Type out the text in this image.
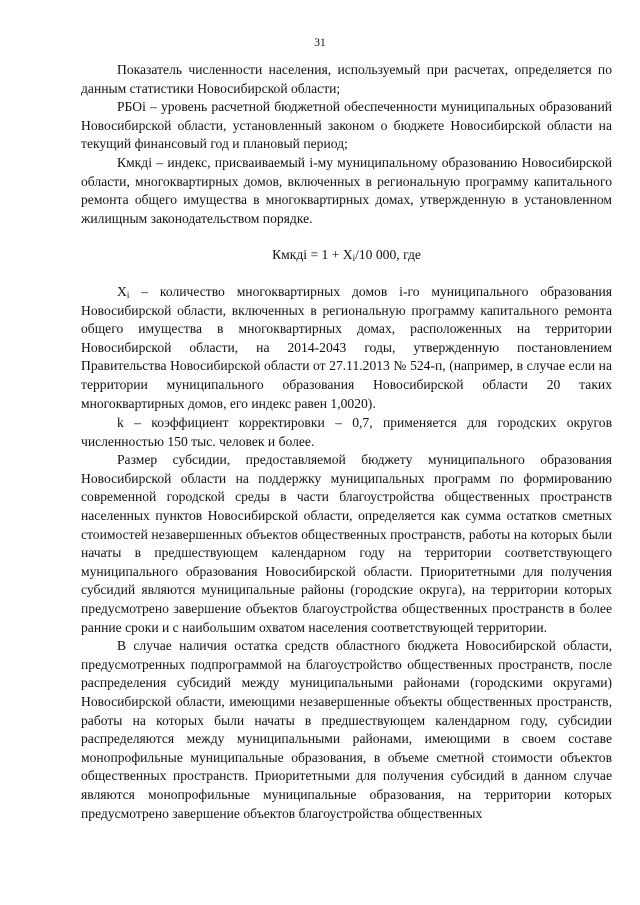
31

Показатель численности населения, используемый при расчетах, определяется по данным статистики Новосибирской области;

РБОi – уровень расчетной бюджетной обеспеченности муниципальных образований Новосибирской области, установленный законом о бюджете Новосибирской области на текущий финансовый год и плановый период;

Кмкдi – индекс, присваиваемый i-му муниципальному образованию Новосибирской области, многоквартирных домов, включенных в региональную программу капитального ремонта общего имущества в многоквартирных домах, утвержденную в установленном жилищным законодательством порядке.

Кмкдi = $1 + X_i/10$ 000, где

$X_i$ – количество многоквартирных домов i-го муниципального образования Новосибирской области, включенных в региональную программу капитального ремонта общего имущества в многоквартирных домах, расположенных на территории Новосибирской области, на 2014-2043 годы, утвержденную постановлением Правительства Новосибирской области от 27.11.2013 № 524-п, (например, в случае если на территории муниципального образования Новосибирской области 20 таких многоквартирных домов, его индекс равен 1,0020).

k – коэффициент корректировки – 0,7, применяется для городских округов численностью 150 тыс. человек и более.

Размер субсидии, предоставляемой бюджету муниципального образования Новосибирской области на поддержку муниципальных программ по формированию современной городской среды в части благоустройства общественных пространств населенных пунктов Новосибирской области, определяется как сумма остатков сметных стоимостей незавершенных объектов общественных пространств, работы на которых были начаты в предшествующем календарном году на территории соответствующего муниципального образования Новосибирской области. Приоритетными для получения субсидий являются муниципальные районы (городские округа), на территории которых предусмотрено завершение объектов благоустройства общественных пространств в более ранние сроки и с наибольшим охватом населения соответствующей территории.

В случае наличия остатка средств областного бюджета Новосибирской области, предусмотренных подпрограммой на благоустройство общественных пространств, после распределения субсидий между муниципальными районами (городскими округами) Новосибирской области, имеющими незавершенные объекты общественных пространств, работы на которых были начаты в предшествующем календарном году, субсидии распределяются между муниципальными районами, имеющими в своем составе монопрофильные муниципальные образования, в объеме сметной стоимости объектов общественных пространств. Приоритетными для получения субсидий в данном случае являются монопрофильные муниципальные образования, на территории которых предусмотрено завершение объектов благоустройства общественных
